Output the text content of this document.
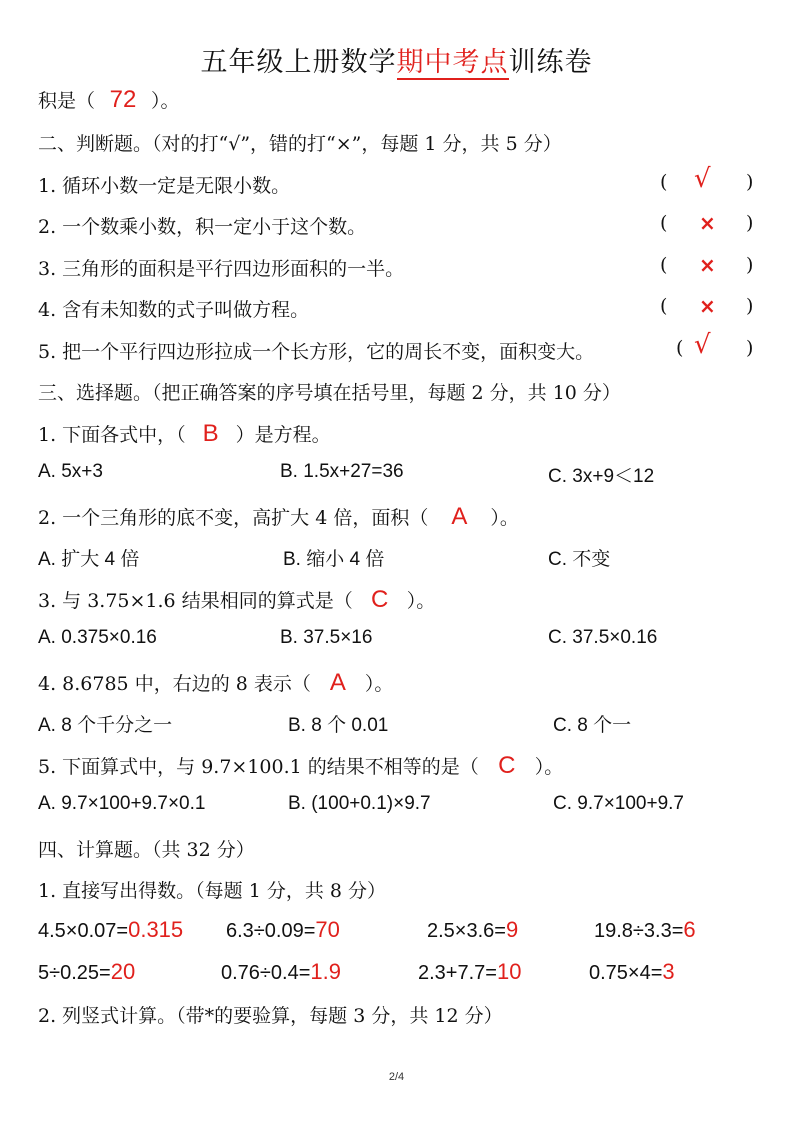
五年级上册数学期中考点训练卷
积是（ 72 ）。
二、判断题。（对的打“√”，错的打“×”，每题 1 分，共 5 分）
1. 循环小数一定是无限小数。	( √ )
2. 一个数乘小数，积一定小于这个数。	( × )
3. 三角形的面积是平行四边形面积的一半。	( × )
4. 含有未知数的式子叫做方程。	( × )
5. 把一个平行四边形拉成一个长方形，它的周长不变，面积变大。	( √ )
三、选择题。（把正确答案的序号填在括号里，每题 2 分，共 10 分）
1. 下面各式中，（ B ）是方程。
A. 5x+3	B. 1.5x+27=36	C. 3x+9＜12
2. 一个三角形的底不变，高扩大 4 倍，面积（ A ）。
A. 扩大 4 倍	B. 缩小 4 倍	C. 不变
3. 与 3.75×1.6 结果相同的算式是（ C ）。
A. 0.375×0.16	B. 37.5×16	C. 37.5×0.16
4. 8.6785 中，右边的 8 表示（ A ）。
A. 8 个千分之一	B. 8 个 0.01	C. 8 个一
5. 下面算式中，与 9.7×100.1 的结果不相等的是（ C ）。
A. 9.7×100+9.7×0.1	B. (100+0.1)×9.7	C. 9.7×100+9.7
四、计算题。（共 32 分）
1. 直接写出得数。（每题 1 分，共 8 分）
4.5×0.07=0.315 6.3÷0.09=70	2.5×3.6=9	19.8÷3.3=6
5÷0.25=20	0.76÷0.4=1.9	2.3+7.7=10	0.75×4=3
2. 列竖式计算。（带*的要验算，每题 3 分，共 12 分）
2/4
